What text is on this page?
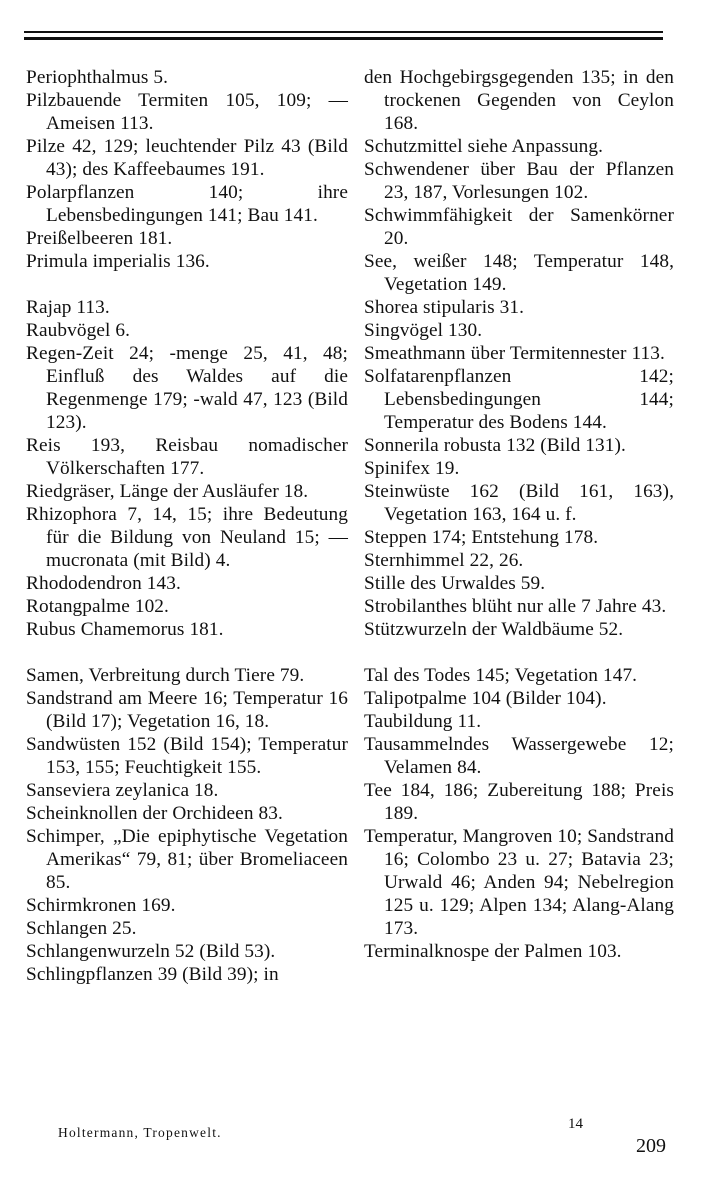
Periophthalmus 5.

Pilzbauende Termiten 105, 109; — Ameisen 113.

Pilze 42, 129; leuchtender Pilz 43 (Bild 43); des Kaffeebaumes 191.

Polarpflanzen 140; ihre Lebensbedingungen 141; Bau 141.

Preißelbeeren 181.

Primula imperialis 136.

Rajap 113.

Raubvögel 6.

Regen-Zeit 24; -menge 25, 41, 48; Einfluß des Waldes auf die Regenmenge 179; -wald 47, 123 (Bild 123).

Reis 193, Reisbau nomadischer Völkerschaften 177.

Riedgräser, Länge der Ausläufer 18.

Rhizophora 7, 14, 15; ihre Bedeutung für die Bildung von Neuland 15; — mucronata (mit Bild) 4.

Rhododendron 143.

Rotangpalme 102.

Rubus Chamemorus 181.

Samen, Verbreitung durch Tiere 79.

Sandstrand am Meere 16; Temperatur 16 (Bild 17); Vegetation 16, 18.

Sandwüsten 152 (Bild 154); Temperatur 153, 155; Feuchtigkeit 155.

Sanseviera zeylanica 18.

Scheinknollen der Orchideen 83.

Schimper, „Die epiphytische Vegetation Amerikas“ 79, 81; über Bromeliaceen 85.

Schirmkronen 169.

Schlangen 25.

Schlangenwurzeln 52 (Bild 53).

Schlingpflanzen 39 (Bild 39); in

den Hochgebirgsgegenden 135; in den trockenen Gegenden von Ceylon 168.

Schutzmittel siehe Anpassung.

Schwendener über Bau der Pflanzen 23, 187, Vorlesungen 102.

Schwimmfähigkeit der Samenkörner 20.

See, weißer 148; Temperatur 148, Vegetation 149.

Shorea stipularis 31.

Singvögel 130.

Smeathmann über Termitennester 113.

Solfatarenpflanzen 142; Lebensbedingungen 144; Temperatur des Bodens 144.

Sonnerila robusta 132 (Bild 131).

Spinifex 19.

Steinwüste 162 (Bild 161, 163), Vegetation 163, 164 u. f.

Steppen 174; Entstehung 178.

Sternhimmel 22, 26.

Stille des Urwaldes 59.

Strobilanthes blüht nur alle 7 Jahre 43.

Stützwurzeln der Waldbäume 52.

Tal des Todes 145; Vegetation 147.

Talipotpalme 104 (Bilder 104).

Taubildung 11.

Tausammelndes Wassergewebe 12; Velamen 84.

Tee 184, 186; Zubereitung 188; Preis 189.

Temperatur, Mangroven 10; Sandstrand 16; Colombo 23 u. 27; Batavia 23; Urwald 46; Anden 94; Nebelregion 125 u. 129; Alpen 134; Alang-Alang 173.

Terminalknospe der Palmen 103.

Holtermann, Tropenwelt.
14
209
